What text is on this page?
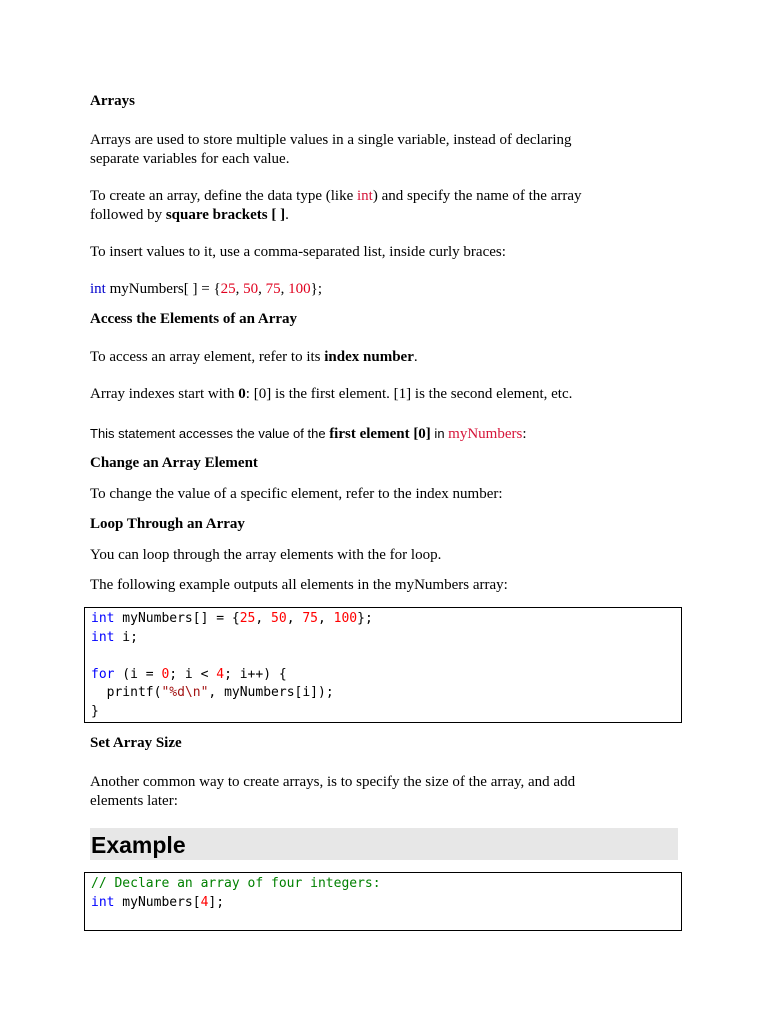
Arrays

Arrays are used to store multiple values in a single variable, instead of declaring

separate variables for each value.

To create an array, define the data type (like int) and specify the name of the array

followed by square brackets [ ].

To insert values to it, use a comma-separated list, inside curly braces:

int myNumbers[ ] = {25, 50, 75, 100};

Access the Elements of an Array

To access an array element, refer to its index number.

Array indexes start with 0: [0] is the first element. [1] is the second element, etc.

This statement accesses the value of the first element [0] in myNumbers:

Change an Array Element

To change the value of a specific element, refer to the index number:

Loop Through an Array

You can loop through the array elements with the for loop.

The following example outputs all elements in the myNumbers array:

int myNumbers[] = {25, 50, 75, 100};
int i;

for (i = 0; i < 4; i++) {
printf("%d\n", myNumbers[i]);
}

Set Array Size

Another common way to create arrays, is to specify the size of the array, and add

elements later:

Example
// Declare an array of four integers:
int myNumbers[4];
